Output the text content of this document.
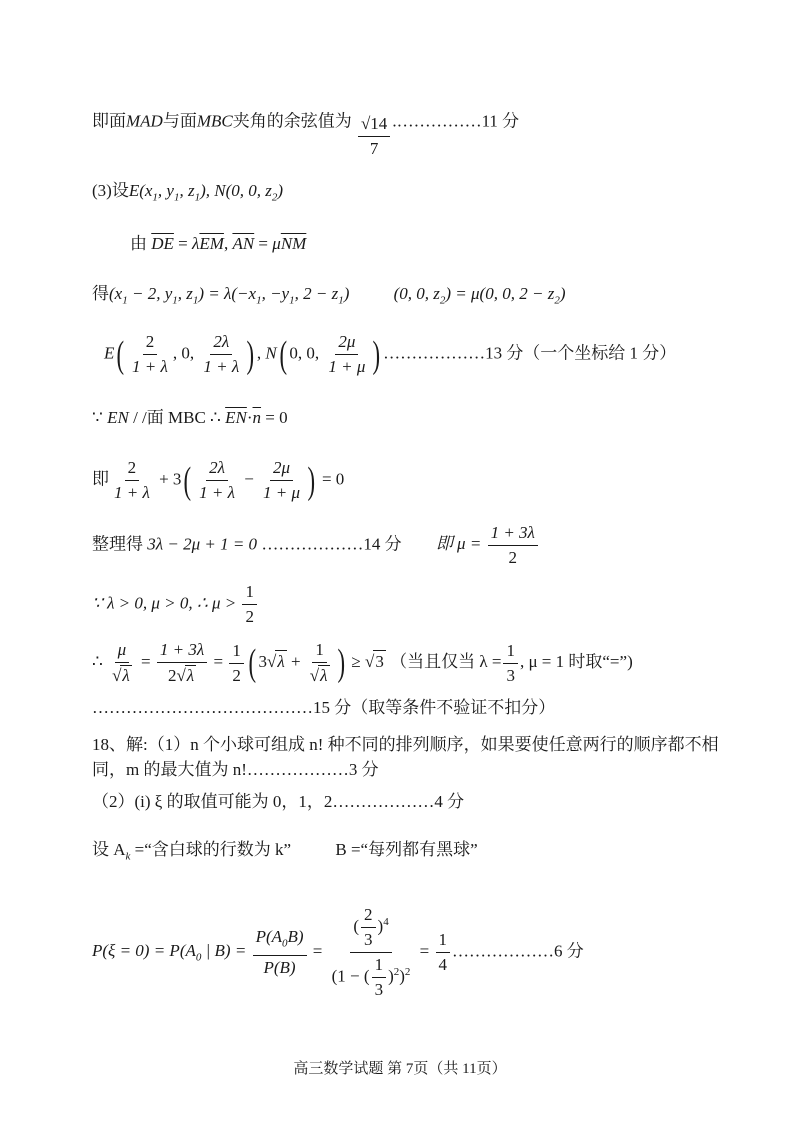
即面MAD与面MBC夹角的余弦值为 $\frac{√14}{7}$ .……………11 分
(3)设$E(x_1$, $y_1$, $z_1$), N(0, 0, $z_2$)
由 $\overline{DE} = \lambda\overline{EM}$, $\overline{AN} = \mu\overline{NM}$
得($x_1 - 2$, $y_1$, $z_1) = \lambda(-x_1$, $-y_1$, $2 - z_1$)	(0, 0, $z_2) = \mu(0$, 0, $2 - z_2$)
$E( \frac{2}{1 + \lambda}$ , 0, $\frac{2\lambda}{1 + \lambda}$ ) , N( 0, 0, $\frac{2\mu}{1 + \mu}$ ) ………………13 分（一个坐标给 1 分）
∵ EN / /面 MBC ∴ $\overline{EN}\cdot\overline{n} = 0$
即 $\frac{2}{1 + \lambda} + 3( \frac{2\lambda}{1 + \lambda} - \frac{2\mu}{1 + \mu}$ ) = 0
整理得 3λ − 2μ + 1 = 0 ………………14 分 即 $\mu = \frac{1 + 3\lambda}{2}$
∵ λ > 0, μ > 0, ∴ $\mu > \frac{1}{2}$
∴ $\frac{\mu}{√\lambda} = \frac{1 + 3\lambda}{2√\lambda} = \frac{1}{2}$ ( $3√\lambda + \frac{1}{√\lambda}$ ) ≥ √3 （当且仅当 $\lambda = \frac{1}{3}$ , μ = 1 时取“=”)
…………………………………15 分（取等条件不验证不扣分）
18、解:（1）n 个小球可组成 n! 种不同的排列顺序，如果要使任意两行的顺序都不相
同，m 的最大值为 n!………………3 分
（2）(i) ξ 的取值可能为 0，1，2………………4 分
设 $A_k$ =“含白球的行数为 k”	B =“每列都有黑球”
$P(\xi = 0) = P(A_0$ | $B) = \frac{P(A_0B)}{P(B)} = \frac{( \frac{2}{3} )^4}{(1 - ( \frac{1}{3} )^2)^2} = \frac{1}{4}$ ………………6 分
高三数学试题 第 7页（共 11页）
